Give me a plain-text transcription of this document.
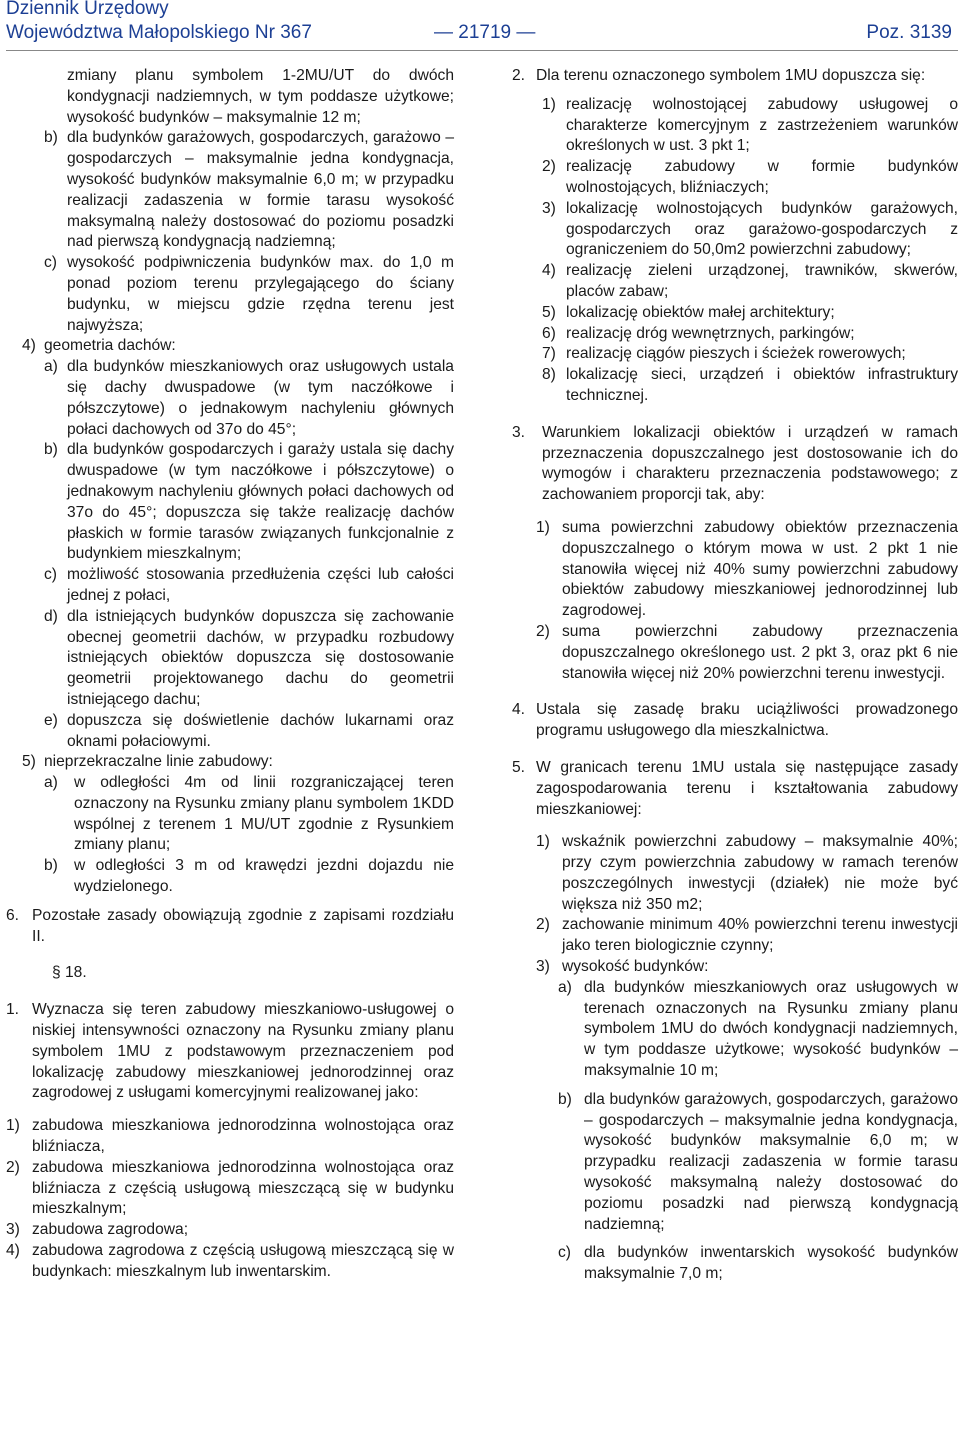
Dziennik Urzędowy
Województwa Małopolskiego Nr 367	— 21719 —	Poz. 3139

zmiany planu symbolem 1-2MU/UT do dwóch kondygnacji nadziemnych, w tym poddasze użytkowe; wysokość budynków – maksymalnie 12 m;

b) dla budynków garażowych, gospodarczych, garażowo – gospodarczych – maksymalnie jedna kondygnacja, wysokość budynków maksymalnie 6,0 m; w przypadku realizacji zadaszenia w formie tarasu wysokość maksymalną należy dostosować do poziomu posadzki nad pierwszą kondygnacją nadziemną;

c) wysokość podpiwniczenia budynków max. do 1,0 m ponad poziom terenu przylegającego do ściany budynku, w miejscu gdzie rzędna terenu jest najwyższa;

4) geometria dachów:

a) dla budynków mieszkaniowych oraz usługowych ustala się dachy dwuspadowe (w tym naczółkowe i półszczytowe) o jednakowym nachyleniu głównych połaci dachowych od 37o do 45°;

b) dla budynków gospodarczych i garaży ustala się dachy dwuspadowe (w tym naczółkowe i półszczytowe) o jednakowym nachyleniu głównych połaci dachowych od 37o do 45°; dopuszcza się także realizację dachów płaskich w formie tarasów związanych funkcjonalnie z budynkiem mieszkalnym;

c) możliwość stosowania przedłużenia części lub całości jednej z połaci,

d) dla istniejących budynków dopuszcza się zachowanie obecnej geometrii dachów, w przypadku rozbudowy istniejących obiektów dopuszcza się dostosowanie geometrii projektowanego dachu do geometrii istniejącego dachu;

e) dopuszcza się doświetlenie dachów lukarnami oraz oknami połaciowymi.

5) nieprzekraczalne linie zabudowy:

a) w odległości 4m od linii rozgraniczającej teren oznaczony na Rysunku zmiany planu symbolem 1KDD wspólnej z terenem 1 MU/UT zgodnie z Rysunkiem zmiany planu;

b) w odległości 3 m od krawędzi jezdni dojazdu nie wydzielonego.

6. Pozostałe zasady obowiązują zgodnie z zapisami rozdziału II.

§ 18.

1. Wyznacza się teren zabudowy mieszkaniowo-usługowej o niskiej intensywności oznaczony na Rysunku zmiany planu symbolem 1MU z podstawowym przeznaczeniem pod lokalizację zabudowy mieszkaniowej jednorodzinnej oraz zagrodowej z usługami komercyjnymi realizowanej jako:

1) zabudowa mieszkaniowa jednorodzinna wolnostojąca oraz bliźniacza,

2) zabudowa mieszkaniowa jednorodzinna wolnostojąca oraz bliźniacza z częścią usługową mieszczącą się w budynku mieszkalnym;

3) zabudowa zagrodowa;

4) zabudowa zagrodowa z częścią usługową mieszczącą się w budynkach: mieszkalnym lub inwentarskim.

2. Dla terenu oznaczonego symbolem 1MU dopuszcza się:

1) realizację wolnostojącej zabudowy usługowej o charakterze komercyjnym z zastrzeżeniem warunków określonych w ust. 3 pkt 1;

2) realizację zabudowy w formie budynków wolnostojących, bliźniaczych;

3) lokalizację wolnostojących budynków garażowych, gospodarczych oraz garażowo-gospodarczych z ograniczeniem do 50,0m2 powierzchni zabudowy;

4) realizację zieleni urządzonej, trawników, skwerów, placów zabaw;

5) lokalizację obiektów małej architektury;

6) realizację dróg wewnętrznych, parkingów;

7) realizację ciągów pieszych i ścieżek rowerowych;

8) lokalizację sieci, urządzeń i obiektów infrastruktury technicznej.

3. Warunkiem lokalizacji obiektów i urządzeń w ramach przeznaczenia dopuszczalnego jest dostosowanie ich do wymogów i charakteru przeznaczenia podstawowego; z zachowaniem proporcji tak, aby:

1) suma powierzchni zabudowy obiektów przeznaczenia dopuszczalnego o którym mowa w ust. 2 pkt 1 nie stanowiła więcej niż 40% sumy powierzchni zabudowy obiektów zabudowy mieszkaniowej jednorodzinnej lub zagrodowej.

2) suma powierzchni zabudowy przeznaczenia dopuszczalnego określonego ust. 2 pkt 3, oraz pkt 6 nie stanowiła więcej niż 20% powierzchni terenu inwestycji.

4. Ustala się zasadę braku uciążliwości prowadzonego programu usługowego dla mieszkalnictwa.

5. W granicach terenu 1MU ustala się następujące zasady zagospodarowania terenu i kształtowania zabudowy mieszkaniowej:

1) wskaźnik powierzchni zabudowy – maksymalnie 40%; przy czym powierzchnia zabudowy w ramach terenów poszczególnych inwestycji (działek) nie może być większa niż 350 m2;

2) zachowanie minimum 40% powierzchni terenu inwestycji jako teren biologicznie czynny;

3) wysokość budynków:

a) dla budynków mieszkaniowych oraz usługowych w terenach oznaczonych na Rysunku zmiany planu symbolem 1MU do dwóch kondygnacji nadziemnych, w tym poddasze użytkowe; wysokość budynków – maksymalnie 10 m;

b) dla budynków garażowych, gospodarczych, garażowo – gospodarczych – maksymalnie jedna kondygnacja, wysokość budynków maksymalnie 6,0 m; w przypadku realizacji zadaszenia w formie tarasu wysokość maksymalną należy dostosować do poziomu posadzki nad pierwszą kondygnacją nadziemną;

c) dla budynków inwentarskich wysokość budynków maksymalnie 7,0 m;
